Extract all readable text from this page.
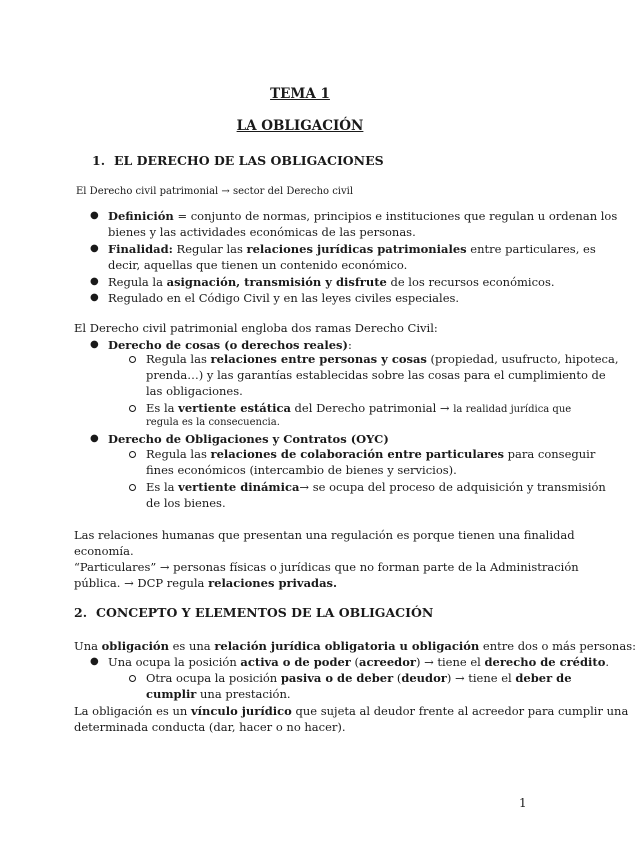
TEMA 1
LA OBLIGACIÓN
1. EL DERECHO DE LAS OBLIGACIONES
El Derecho civil patrimonial → sector del Derecho civil
● Definición = conjunto de normas, principios e instituciones que regulan u ordenan los
bienes y las actividades económicas de las personas.
● Finalidad: Regular las relaciones jurídicas patrimoniales entre particulares, es
decir, aquellas que tienen un contenido económico.
● Regula la asignación, transmisión y disfrute de los recursos económicos.
● Regulado en el Código Civil y en las leyes civiles especiales.
El Derecho civil patrimonial engloba dos ramas Derecho Civil:
● Derecho de cosas (o derechos reales):
Regula las relaciones entre personas y cosas (propiedad, usufructo, hipoteca,
prenda…) y las garantías establecidas sobre las cosas para el cumplimiento de
las obligaciones.
Es la vertiente estática del Derecho patrimonial → la realidad jurídica que
regula es la consecuencia.
● Derecho de Obligaciones y Contratos (OYC)
Regula las relaciones de colaboración entre particulares para conseguir
fines económicos (intercambio de bienes y servicios).
Es la vertiente dinámica→ se ocupa del proceso de adquisición y transmisión
de los bienes.
Las relaciones humanas que presentan una regulación es porque tienen una finalidad
economía.
“Particulares” → personas físicas o jurídicas que no forman parte de la Administración
pública. → DCP regula relaciones privadas.
2. CONCEPTO Y ELEMENTOS DE LA OBLIGACIÓN
Una obligación es una relación jurídica obligatoria u obligación entre dos o más personas:
● Una ocupa la posición activa o de poder (acreedor) → tiene el derecho de crédito.
Otra ocupa la posición pasiva o de deber (deudor) → tiene el deber de
cumplir una prestación.
La obligación es un vínculo jurídico que sujeta al deudor frente al acreedor para cumplir una
determinada conducta (dar, hacer o no hacer).
1
